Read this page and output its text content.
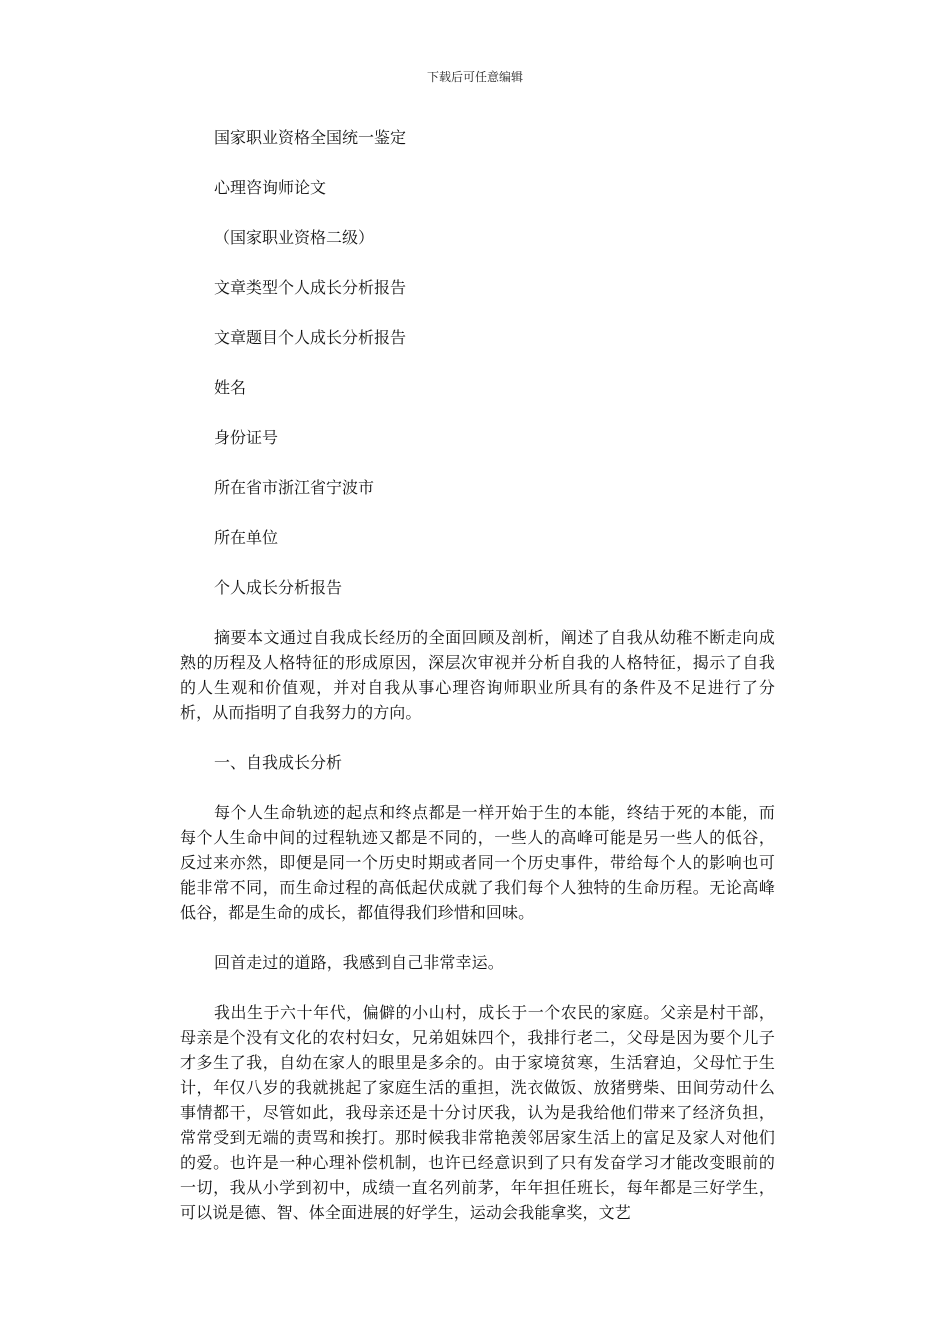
下载后可任意编辑
国家职业资格全国统一鉴定
心理咨询师论文
（国家职业资格二级）
文章类型个人成长分析报告
文章题目个人成长分析报告
姓名
身份证号
所在省市浙江省宁波市
所在单位
个人成长分析报告

摘要本文通过自我成长经历的全面回顾及剖析，阐述了自我从幼稚不断走向成熟的历程及人格特征的形成原因，深层次审视并分析自我的人格特征，揭示了自我的人生观和价值观，并对自我从事心理咨询师职业所具有的条件及不足进行了分析，从而指明了自我努力的方向。

一、自我成长分析

每个人生命轨迹的起点和终点都是一样开始于生的本能，终结于死的本能，而每个人生命中间的过程轨迹又都是不同的，一些人的高峰可能是另一些人的低谷，反过来亦然，即便是同一个历史时期或者同一个历史事件，带给每个人的影响也可能非常不同，而生命过程的高低起伏成就了我们每个人独特的生命历程。无论高峰低谷，都是生命的成长，都值得我们珍惜和回味。

回首走过的道路，我感到自己非常幸运。

我出生于六十年代，偏僻的小山村，成长于一个农民的家庭。父亲是村干部，母亲是个没有文化的农村妇女，兄弟姐妹四个，我排行老二，父母是因为要个儿子才多生了我，自幼在家人的眼里是多余的。由于家境贫寒，生活窘迫，父母忙于生计，年仅八岁的我就挑起了家庭生活的重担，洗衣做饭、放猪劈柴、田间劳动什么事情都干，尽管如此，我母亲还是十分讨厌我，认为是我给他们带来了经济负担，常常受到无端的责骂和挨打。那时候我非常艳羡邻居家生活上的富足及家人对他们的爱。也许是一种心理补偿机制，也许已经意识到了只有发奋学习才能改变眼前的一切，我从小学到初中，成绩一直名列前茅，年年担任班长，每年都是三好学生，可以说是德、智、体全面进展的好学生，运动会我能拿奖，文艺
